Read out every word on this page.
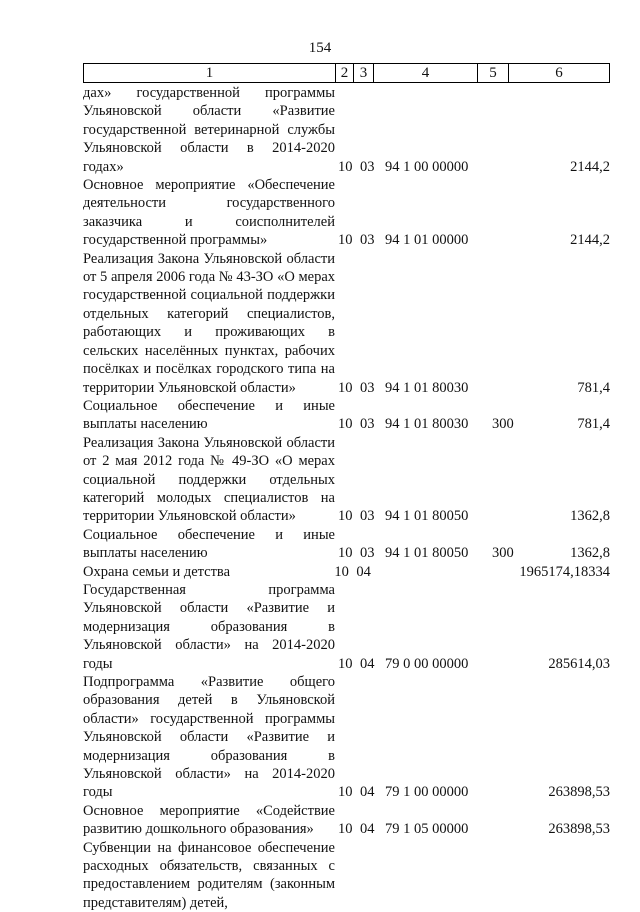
154
1	2 3	4	5	6
дах» государственной программы Ульяновской области «Развитие государственной ветеринарной службы Ульяновской области в 2014-2020 годах»	10 03 94 1 00 00000	2144,2
Основное мероприятие «Обеспечение деятельности государственного заказчика и соисполнителей государственной программы»	10 03 94 1 01 00000	2144,2
Реализация Закона Ульяновской области от 5 апреля 2006 года № 43-ЗО «О мерах государственной социальной поддержки отдельных категорий специалистов, работающих и проживающих в сельских населённых пунктах, рабочих посёлках и посёлках городского типа на территории Ульяновской области»	10 03 94 1 01 80030	781,4
Социальное обеспечение и иные выплаты населению	10 03 94 1 01 80030	300	781,4
Реализация Закона Ульяновской области от 2 мая 2012 года № 49-ЗО «О мерах социальной поддержки отдельных категорий молодых специалистов на территории Ульяновской области»	10 03 94 1 01 80050	1362,8
Социальное обеспечение и иные выплаты населению	10 03 94 1 01 80050	300	1362,8
Охрана семьи и детства	10 04	1965174,18334
Государственная программа Ульяновской области «Развитие и модернизация образования в Ульяновской области» на 2014-2020 годы	10 04 79 0 00 00000	285614,03
Подпрограмма «Развитие общего образования детей в Ульяновской области» государственной программы Ульяновской области «Развитие и модернизация образования в Ульяновской области» на 2014-2020 годы	10 04 79 1 00 00000	263898,53
Основное мероприятие «Содействие развитию дошкольного образования»	10 04 79 1 05 00000	263898,53
Субвенции на финансовое обеспечение расходных обязательств, связанных с предоставлением родителям (законным представителям) детей,
